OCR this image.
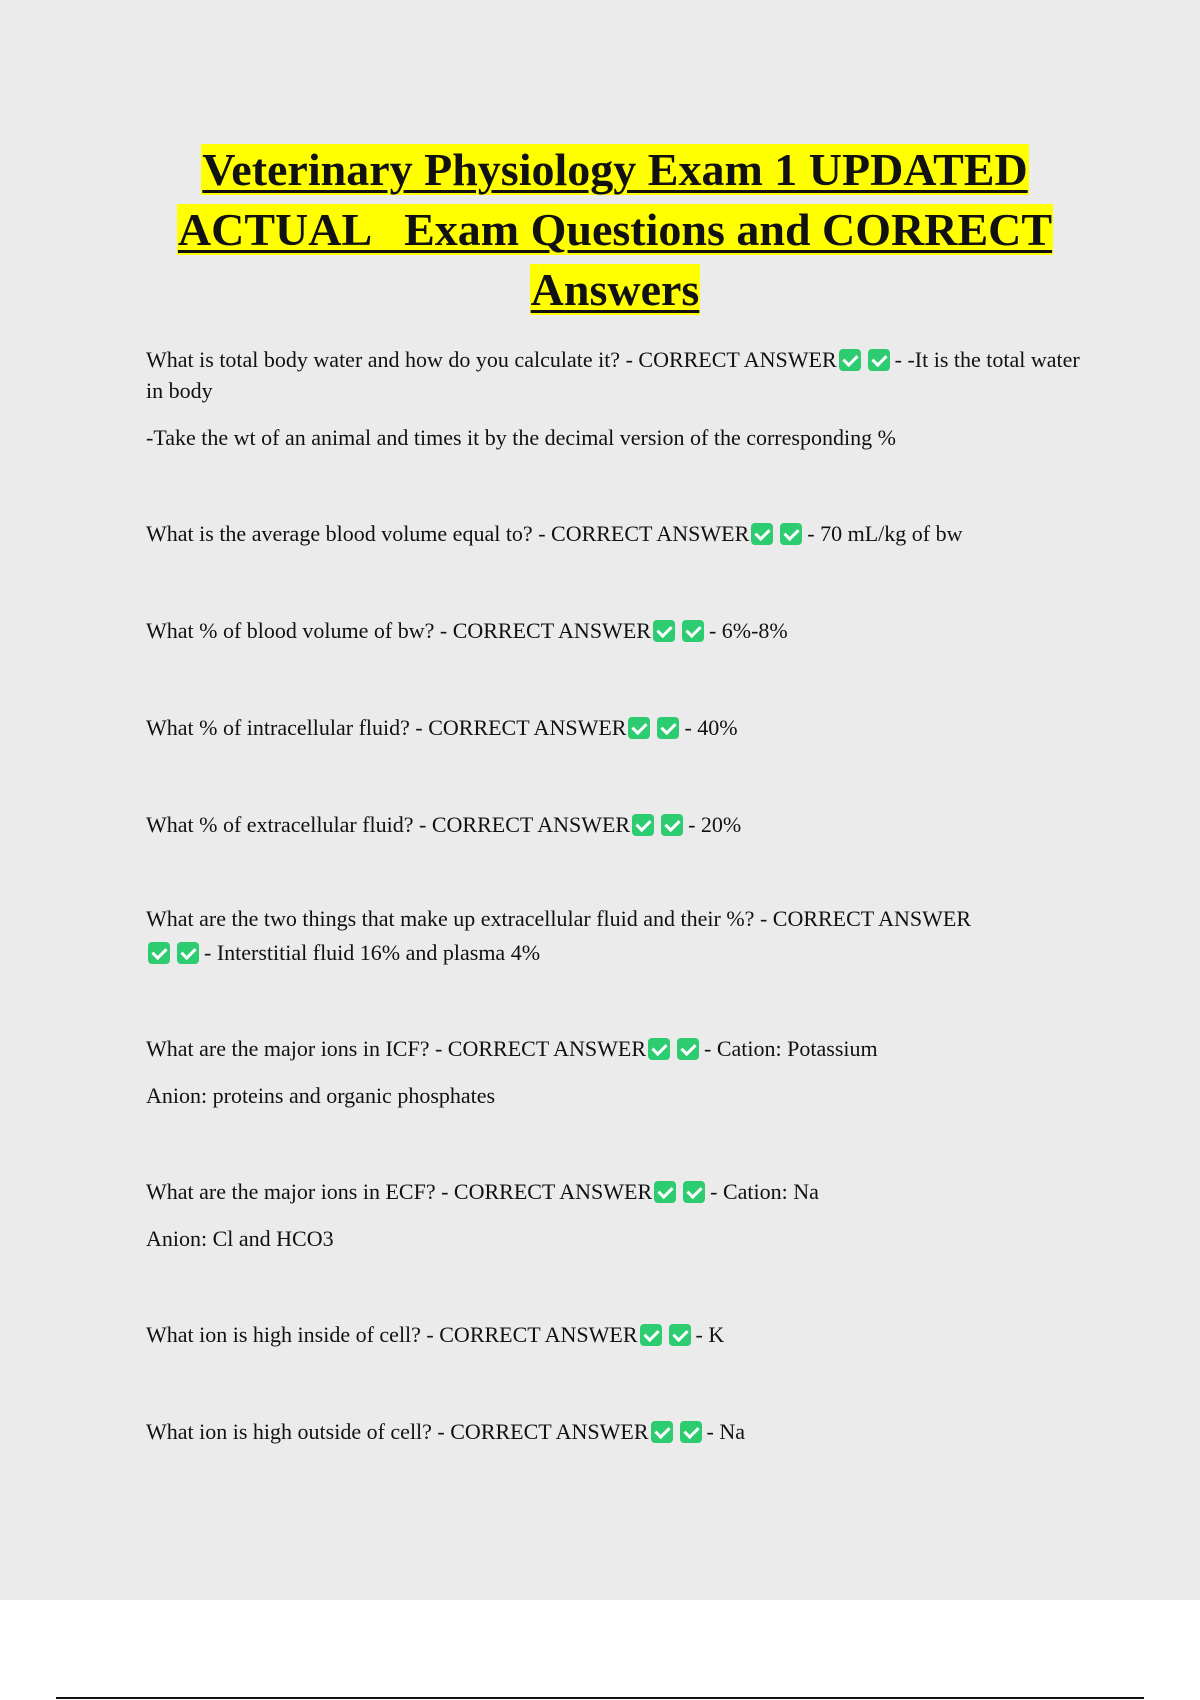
Veterinary Physiology Exam 1 UPDATED
ACTUAL   Exam Questions and CORRECT
Answers

What is total body water and how do you calculate it? - CORRECT ANSWER	- -It is the total water in body

-Take the wt of an animal and times it by the decimal version of the corresponding %

What is the average blood volume equal to? - CORRECT ANSWER	- 70 mL/kg of bw

What % of blood volume of bw? - CORRECT ANSWER	- 6%-8%

What % of intracellular fluid? - CORRECT ANSWER	- 40%

What % of extracellular fluid? - CORRECT ANSWER	- 20%

What are the two things that make up extracellular fluid and their %? - CORRECT ANSWER- Interstitial fluid 16% and plasma 4%

What are the major ions in ICF? - CORRECT ANSWER	- Cation: Potassium

Anion: proteins and organic phosphates

What are the major ions in ECF? - CORRECT ANSWER	- Cation: Na

Anion: Cl and HCO3

What ion is high inside of cell? - CORRECT ANSWER	- K

What ion is high outside of cell? - CORRECT ANSWER	- Na
